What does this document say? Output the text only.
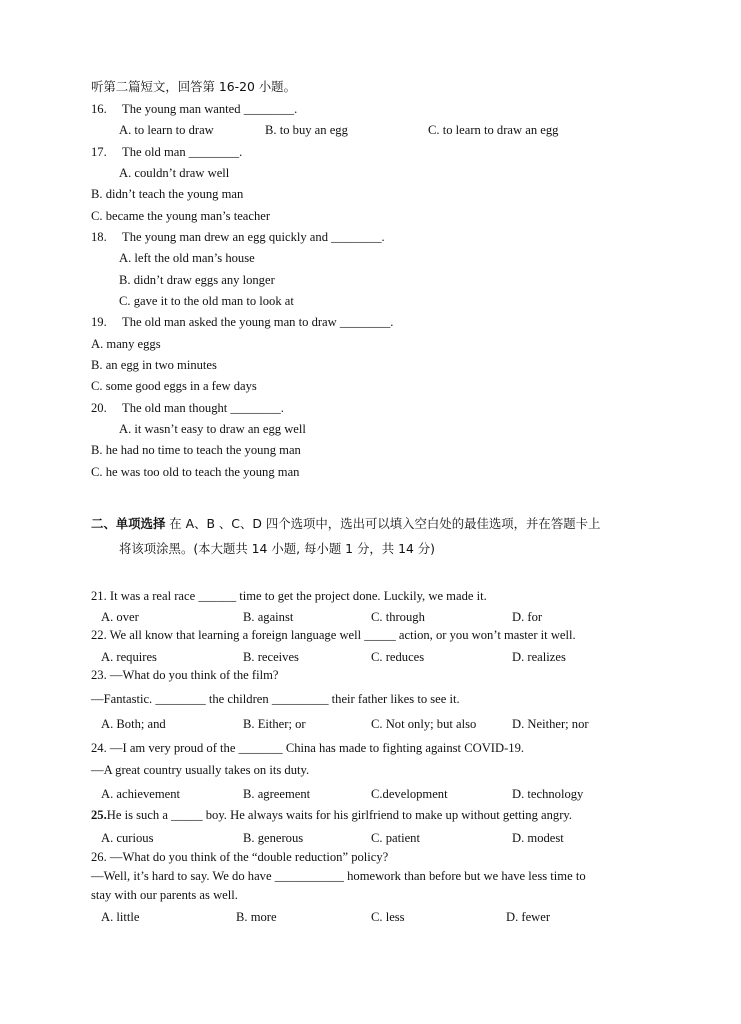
听第二篇短文，回答第 16-20 小题。
16. The young man wanted ________.
A. to learn to draw	B. to buy an egg	C. to learn to draw an egg
17. The old man ________.
A. couldn’t draw well
B. didn’t teach the young man
C. became the young man’s teacher
18. The young man drew an egg quickly and ________.
A. left the old man’s house
B. didn’t draw eggs any longer
C. gave it to the old man to look at
19. The old man asked the young man to draw ________.
A. many eggs
B. an egg in two minutes
C. some good eggs in a few days
20. The old man thought ________.
A. it wasn’t easy to draw an egg well
B. he had no time to teach the young man
C. he was too old to teach the young man
二、单项选择 在 A、B 、C、D 四个选项中，选出可以填入空白处的最佳选项，并在答题卡上
将该项涂黑。(本大题共 14 小题, 每小题 1 分，共 14 分)
21. It was a real race ______ time to get the project done. Luckily, we made it.
A. over	B. against	C. through	D. for
22. We all know that learning a foreign language well _____ action, or you won’t master it well.
A. requires	B. receives	C. reduces	D. realizes
23. —What do you think of the film?
—Fantastic. ________ the children _________ their father likes to see it.
A. Both; and	B. Either; or	C. Not only; but also	D. Neither; nor
24. —I am very proud of the _______ China has made to fighting against COVID-19.
—A great country usually takes on its duty.
A. achievement	B. agreement	C.development	D. technology
25.He is such a _____ boy. He always waits for his girlfriend to make up without getting angry.
A. curious	B. generous	C. patient	D. modest
26. —What do you think of the “double reduction” policy?
—Well, it’s hard to say. We do have ___________ homework than before but we have less time to
stay with our parents as well.
A. little	B. more	C. less	D. fewer
